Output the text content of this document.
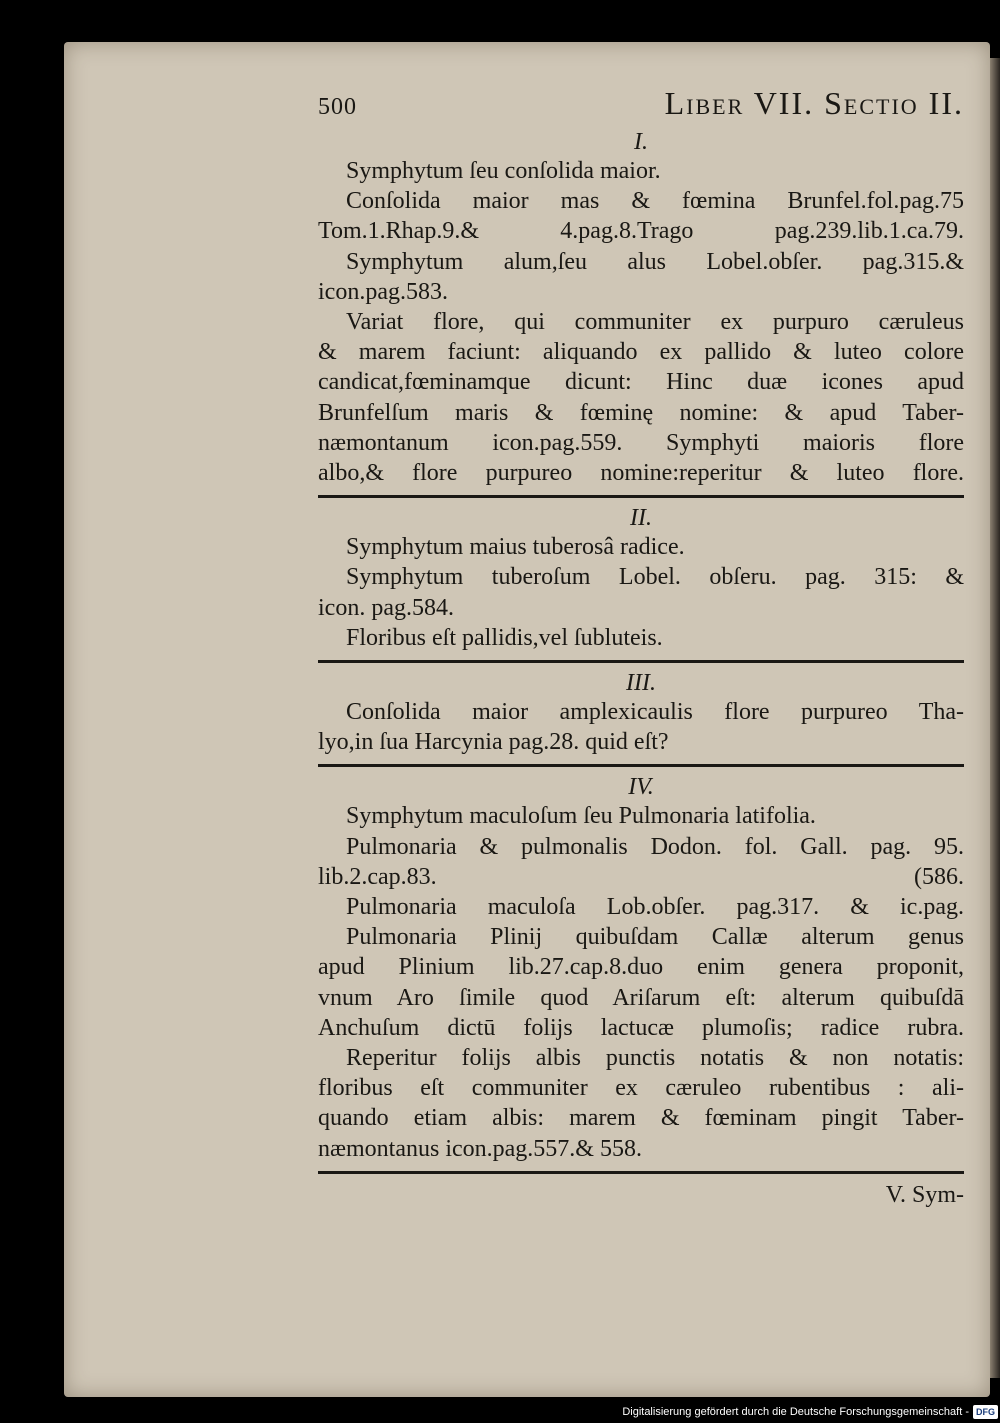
500	Liber VII. Sectio II.
I.
Symphytum ſeu conſolida maior.
Conſolida maior mas & fœmina Brunfel.fol.pag.75
Tom.1.Rhap.9.& 4.pag.8.Trago pag.239.lib.1.ca.79.
Symphytum alum,ſeu alus Lobel.obſer. pag.315.&
icon.pag.583.
Variat flore, qui communiter ex purpuro cæruleus
& marem faciunt: aliquando ex pallido & luteo colore
candicat,fœminamque dicunt: Hinc duæ icones apud
Brunfelſum maris & fœminę nomine: & apud Taber-
næmontanum icon.pag.559. Symphyti maioris flore
albo,& flore purpureo nomine:reperitur & luteo flore.
II.
Symphytum maius tuberosâ radice.
Symphytum tuberoſum Lobel. obſeru. pag. 315: &
icon. pag.584.
Floribus eſt pallidis,vel ſubluteis.
III.
Conſolida maior amplexicaulis flore purpureo Tha-
lyo,in ſua Harcynia pag.28. quid eſt?
IV.
Symphytum maculoſum ſeu Pulmonaria latifolia.
Pulmonaria & pulmonalis Dodon. fol. Gall. pag. 95.
lib.2.cap.83.	(586.
Pulmonaria maculoſa Lob.obſer. pag.317. & ic.pag.
Pulmonaria Plinij quibuſdam Callæ alterum genus
apud Plinium lib.27.cap.8.duo enim genera proponit,
vnum Aro ſimile quod Ariſarum eſt: alterum quibuſdā
Anchuſum dictū folijs lactucæ plumoſis; radice rubra.
Reperitur folijs albis punctis notatis & non notatis:
floribus eſt communiter ex cæruleo rubentibus : ali-
quando etiam albis: marem & fœminam pingit Taber-
næmontanus icon.pag.557.& 558.
V. Sym-
Digitalisierung gefördert durch die Deutsche Forschungsgemeinschaft - DFG
